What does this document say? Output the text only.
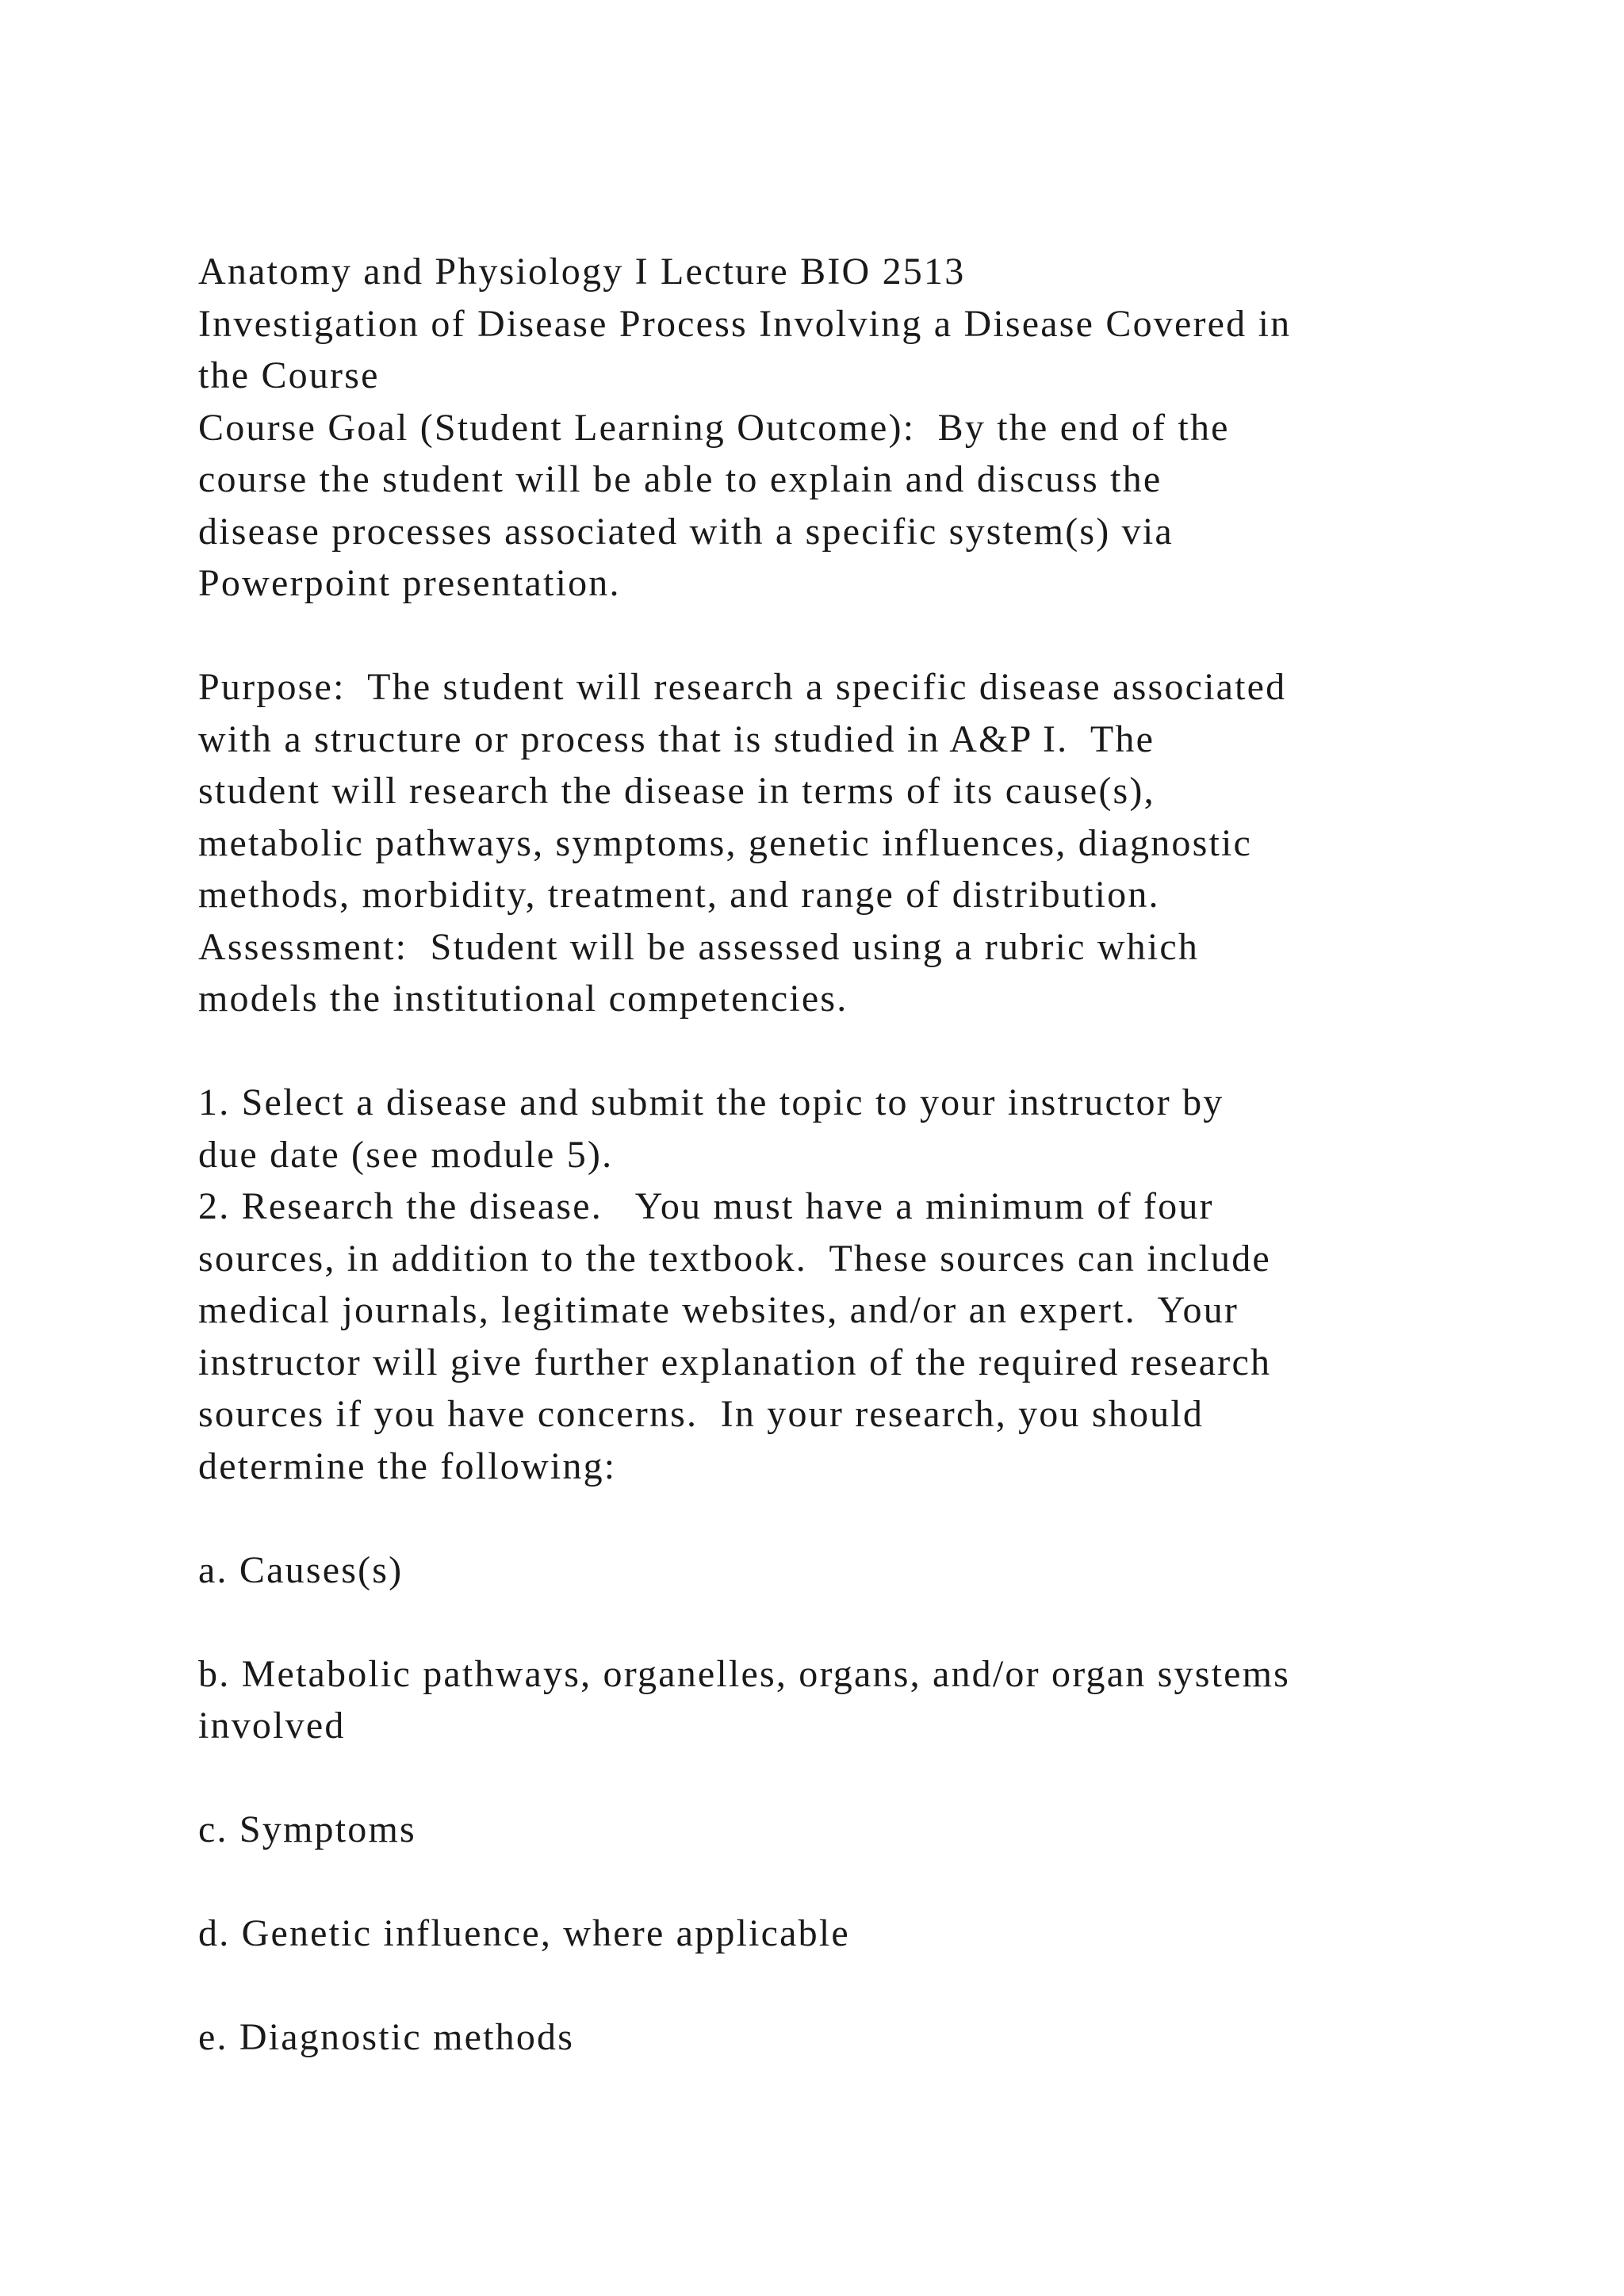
Anatomy and Physiology I Lecture BIO 2513
Investigation of Disease Process Involving a Disease Covered in
the Course
Course Goal (Student Learning Outcome):  By the end of the
course the student will be able to explain and discuss the
disease processes associated with a specific system(s) via
Powerpoint presentation.
Purpose:  The student will research a specific disease associated
with a structure or process that is studied in A&P I.  The
student will research the disease in terms of its cause(s),
metabolic pathways, symptoms, genetic influences, diagnostic
methods, morbidity, treatment, and range of distribution.
Assessment:  Student will be assessed using a rubric which
models the institutional competencies.
1. Select a disease and submit the topic to your instructor by
due date (see module 5).
2. Research the disease.   You must have a minimum of four
sources, in addition to the textbook.  These sources can include
medical journals, legitimate websites, and/or an expert.  Your
instructor will give further explanation of the required research
sources if you have concerns.  In your research, you should
determine the following:
a. Causes(s)
b. Metabolic pathways, organelles, organs, and/or organ systems
involved
c. Symptoms
d. Genetic influence, where applicable
e. Diagnostic methods
